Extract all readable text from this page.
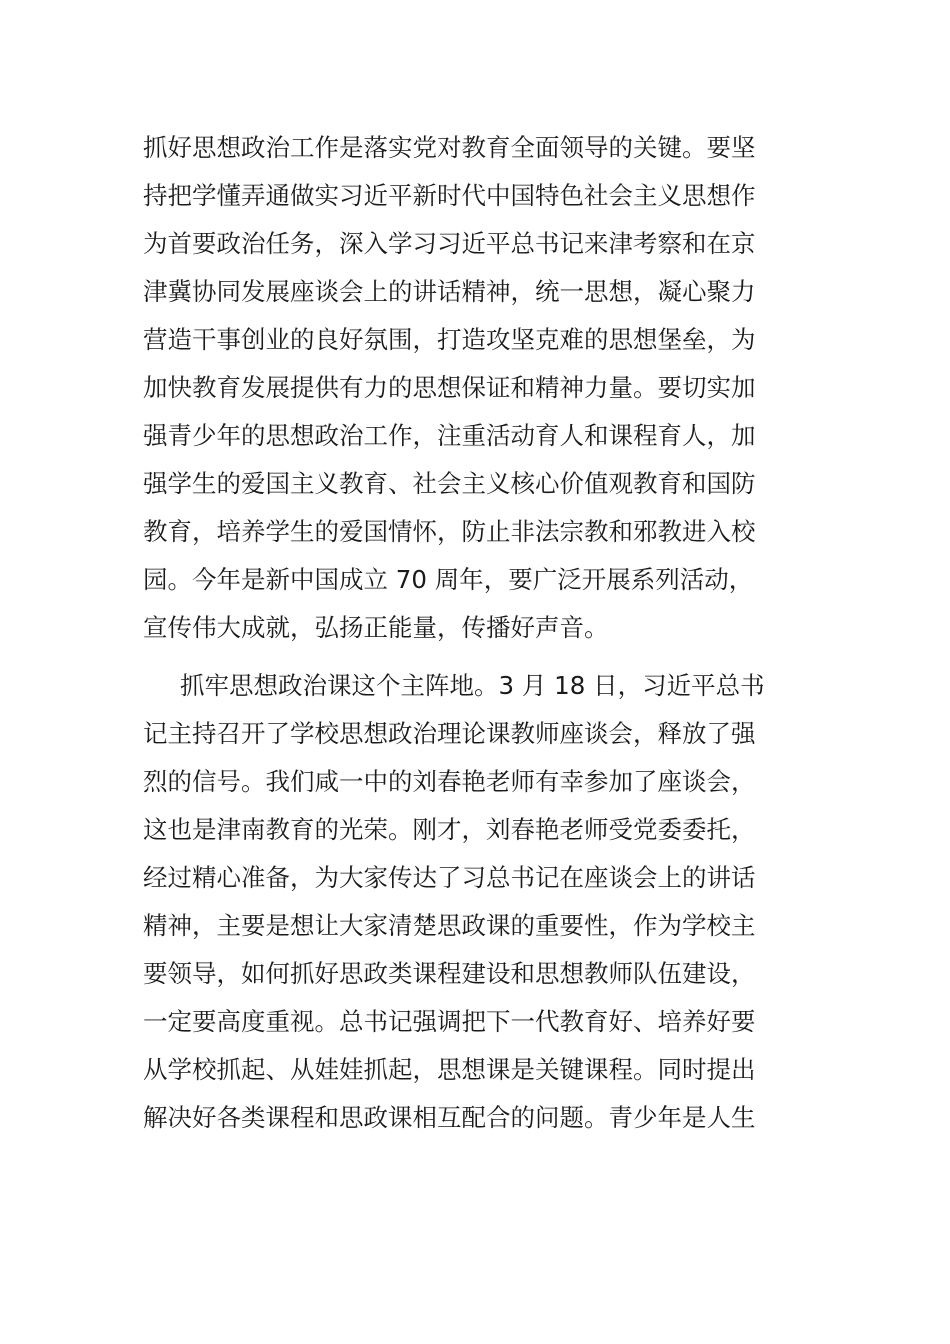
抓好思想政治工作是落实党对教育全面领导的关键。要坚
持把学懂弄通做实习近平新时代中国特色社会主义思想作
为首要政治任务，深入学习习近平总书记来津考察和在京
津冀协同发展座谈会上的讲话精神，统一思想，凝心聚力
营造干事创业的良好氛围，打造攻坚克难的思想堡垒，为
加快教育发展提供有力的思想保证和精神力量。要切实加
强青少年的思想政治工作，注重活动育人和课程育人，加
强学生的爱国主义教育、社会主义核心价值观教育和国防
教育，培养学生的爱国情怀，防止非法宗教和邪教进入校
园。今年是新中国成立 70 周年，要广泛开展系列活动，
宣传伟大成就，弘扬正能量，传播好声音。
抓牢思想政治课这个主阵地。3 月 18 日，习近平总书
记主持召开了学校思想政治理论课教师座谈会，释放了强
烈的信号。我们咸一中的刘春艳老师有幸参加了座谈会，
这也是津南教育的光荣。刚才，刘春艳老师受党委委托，
经过精心准备，为大家传达了习总书记在座谈会上的讲话
精神，主要是想让大家清楚思政课的重要性，作为学校主
要领导，如何抓好思政类课程建设和思想教师队伍建设，
一定要高度重视。总书记强调把下一代教育好、培养好要
从学校抓起、从娃娃抓起，思想课是关键课程。同时提出
解决好各类课程和思政课相互配合的问题。青少年是人生
